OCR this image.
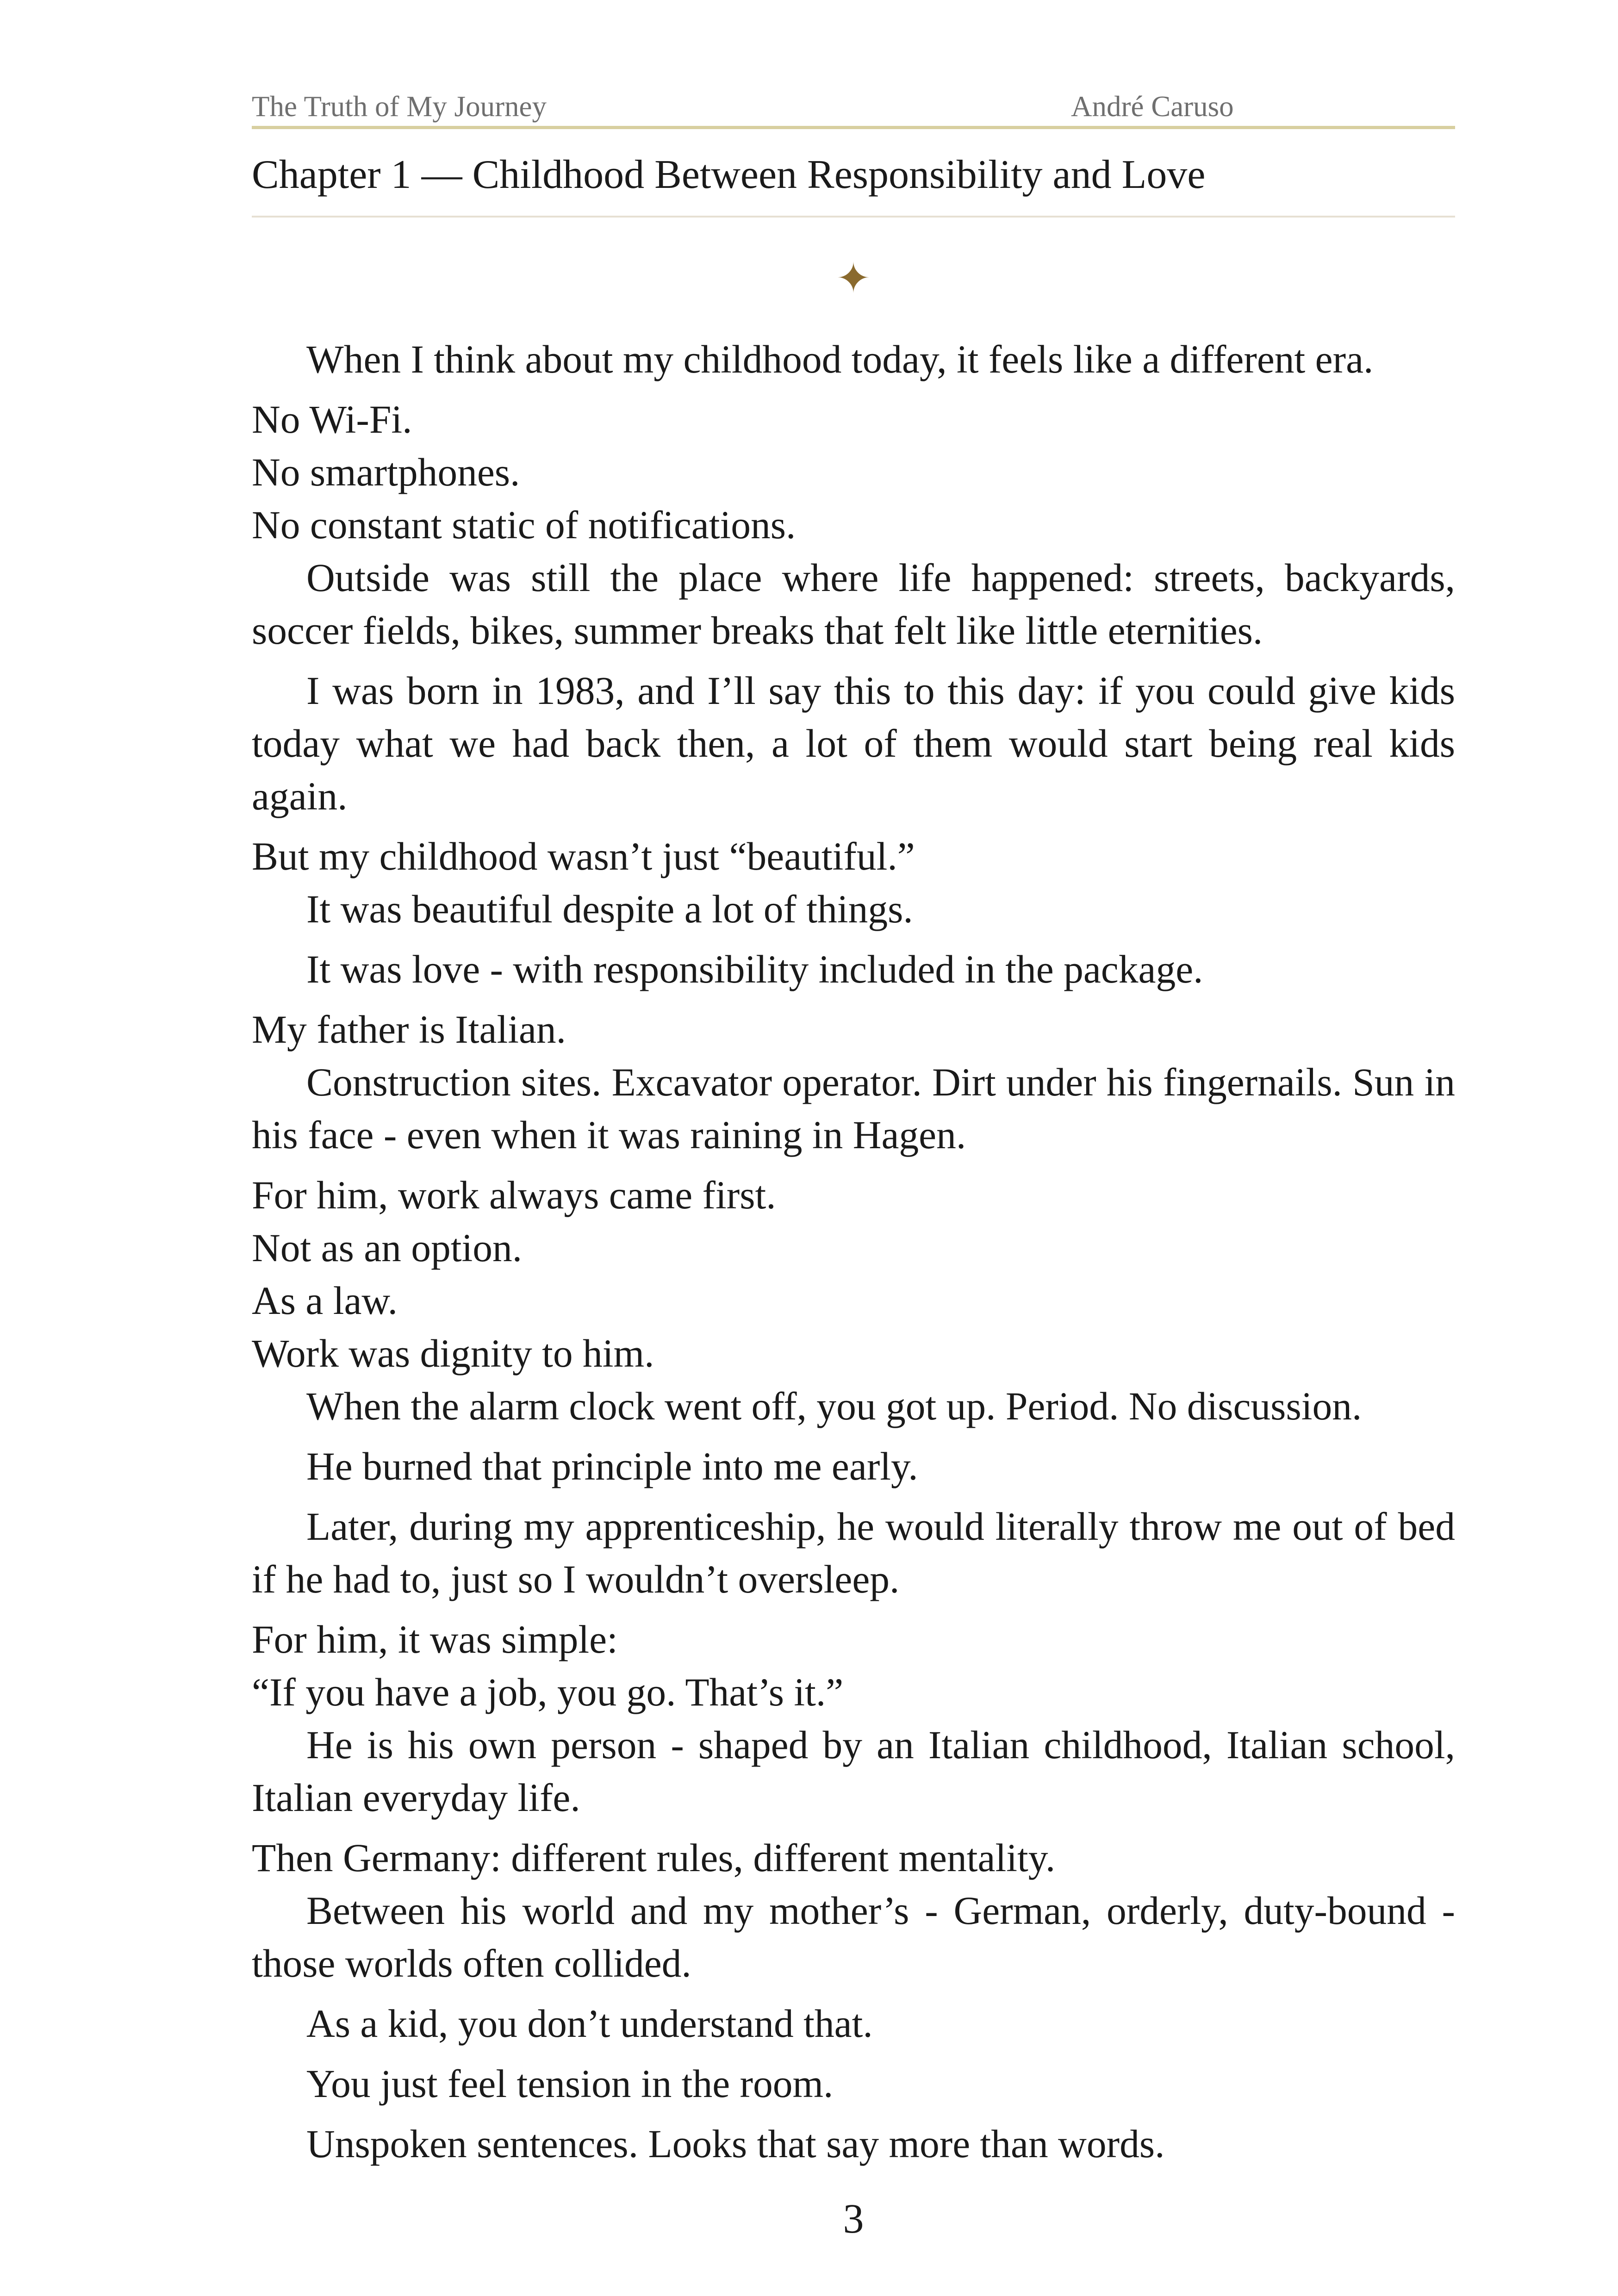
The Truth of My Journey	André Caruso
Chapter 1 — Childhood Between Responsibility and Love
✦

When I think about my childhood today, it feels like a different era.

No Wi-Fi.

No smartphones.

No constant static of notifications.

Outside was still the place where life happened: streets, backyards, soccer fields, bikes, summer breaks that felt like little eternities.

I was born in 1983, and I’ll say this to this day: if you could give kids today what we had back then, a lot of them would start being real kids again.

But my childhood wasn’t just “beautiful.”

It was beautiful despite a lot of things.

It was love - with responsibility included in the package.

My father is Italian.

Construction sites. Excavator operator. Dirt under his fingernails. Sun in his face - even when it was raining in Hagen.

For him, work always came first.

Not as an option.

As a law.

Work was dignity to him.

When the alarm clock went off, you got up. Period. No discussion.

He burned that principle into me early.

Later, during my apprenticeship, he would literally throw me out of bed if he had to, just so I wouldn’t oversleep.

For him, it was simple:

“If you have a job, you go. That’s it.”

He is his own person - shaped by an Italian childhood, Italian school, Italian everyday life.

Then Germany: different rules, different mentality.

Between his world and my mother’s - German, orderly, duty-bound - those worlds often collided.

As a kid, you don’t understand that.

You just feel tension in the room.

Unspoken sentences. Looks that say more than words.

3
